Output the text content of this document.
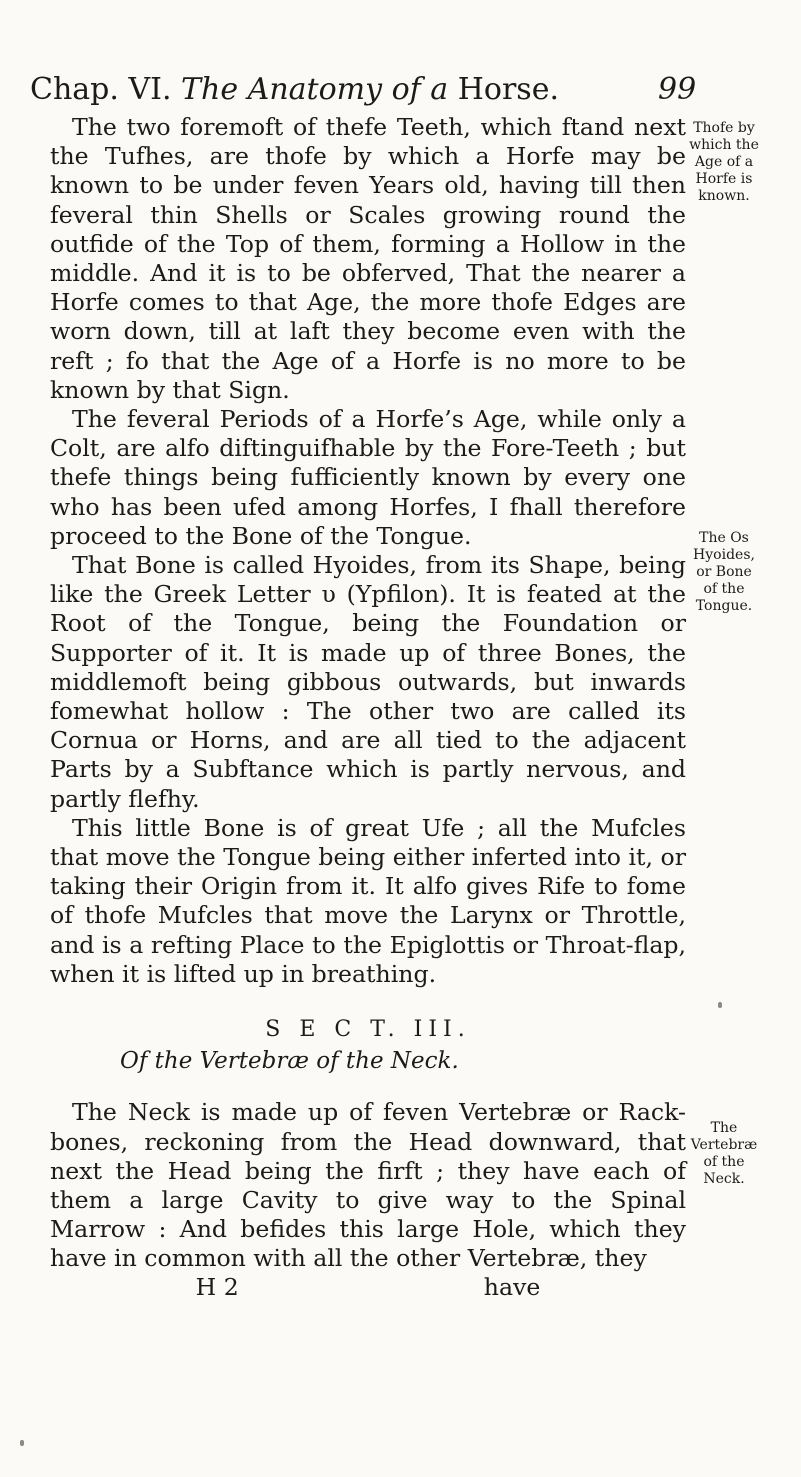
Chap. VI. The Anatomy of a Horse.	99

The two foremoft of thefe Teeth, which ftand next the Tufhes, are thofe by which a Horfe may be known to be under feven Years old, having till then feveral thin Shells or Scales growing round the outfide of the Top of them, forming a Hollow in the middle. And it is to be obferved, That the nearer a Horfe comes to that Age, the more thofe Edges are worn down, till at laft they become even with the reft ; fo that the Age of a Horfe is no more to be known by that Sign.

The feveral Periods of a Horfe’s Age, while only a Colt, are alfo diftinguifhable by the Fore-Teeth ; but thefe things being fufficiently known by every one who has been ufed among Horfes, I fhall therefore proceed to the Bone of the Tongue.

That Bone is called Hyoides, from its Shape, being like the Greek Letter υ (Ypfilon). It is feated at the Root of the Tongue, being the Foundation or Supporter of it. It is made up of three Bones, the middlemoft being gibbous outwards, but inwards fomewhat hollow : The other two are called its Cornua or Horns, and are all tied to the adjacent Parts by a Subftance which is partly nervous, and partly flefhy.

This little Bone is of great Ufe ; all the Mufcles that move the Tongue being either inferted into it, or taking their Origin from it. It alfo gives Rife to fome of thofe Mufcles that move the Larynx or Throttle, and is a refting Place to the Epiglottis or Throat-flap, when it is lifted up in breathing.

S E C T. III.

Of the Vertebræ of the Neck.

The Neck is made up of feven Vertebræ or Rack-bones, reckoning from the Head downward, that next the Head being the firft ; they have each of them a large Cavity to give way to the Spinal Marrow : And befides this large Hole, which they have in common with all the other Vertebræ, they

H 2	have

Thofe by which the Age of a Horfe is known.
The Os Hyoides, or Bone of the Tongue.
The Vertebræ of the Neck.
